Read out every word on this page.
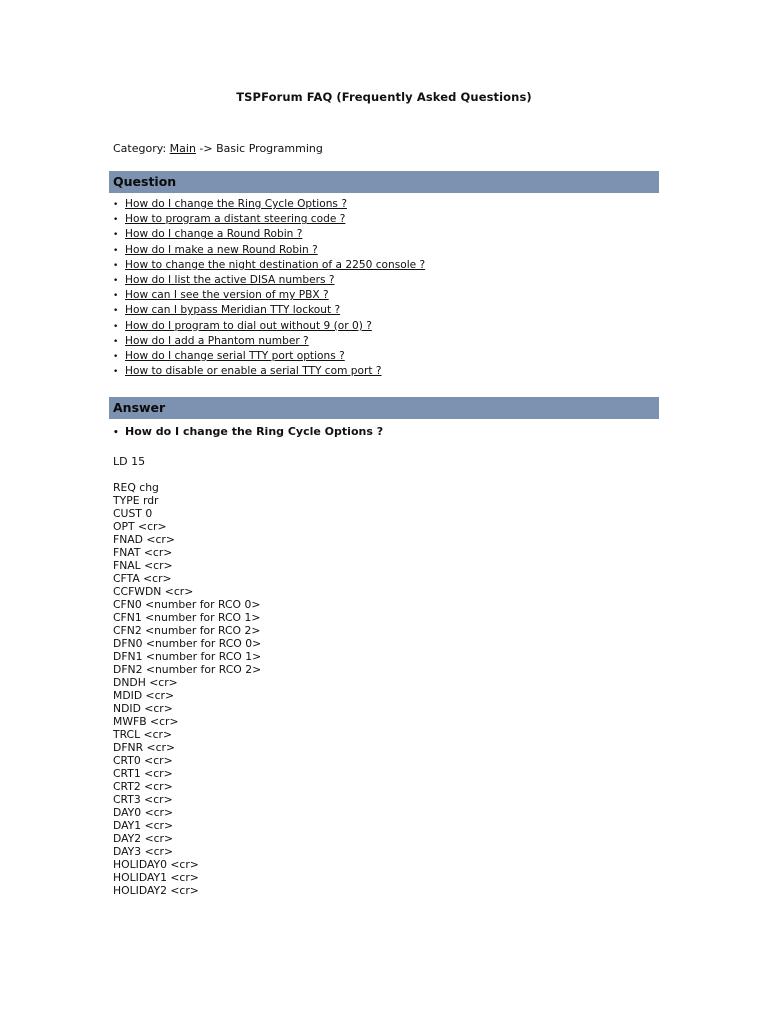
TSPForum FAQ (Frequently Asked Questions)
Category: Main -> Basic Programming
Question
• How do I change the Ring Cycle Options ?
• How to program a distant steering code ?
• How do I change a Round Robin ?
• How do I make a new Round Robin ?
• How to change the night destination of a 2250 console ?
• How do I list the active DISA numbers ?
• How can I see the version of my PBX ?
• How can I bypass Meridian TTY lockout ?
• How do I program to dial out without 9 (or 0) ?
• How do I add a Phantom number ?
• How do I change serial TTY port options ?
• How to disable or enable a serial TTY com port ?
Answer
• How do I change the Ring Cycle Options ?
LD 15
REQ chg
TYPE rdr
CUST 0
OPT <cr>
FNAD <cr>
FNAT <cr>
FNAL <cr>
CFTA <cr>
CCFWDN <cr>
CFN0 <number for RCO 0>
CFN1 <number for RCO 1>
CFN2 <number for RCO 2>
DFN0 <number for RCO 0>
DFN1 <number for RCO 1>
DFN2 <number for RCO 2>
DNDH <cr>
MDID <cr>
NDID <cr>
MWFB <cr>
TRCL <cr>
DFNR <cr>
CRT0 <cr>
CRT1 <cr>
CRT2 <cr>
CRT3 <cr>
DAY0 <cr>
DAY1 <cr>
DAY2 <cr>
DAY3 <cr>
HOLIDAY0 <cr>
HOLIDAY1 <cr>
HOLIDAY2 <cr>
